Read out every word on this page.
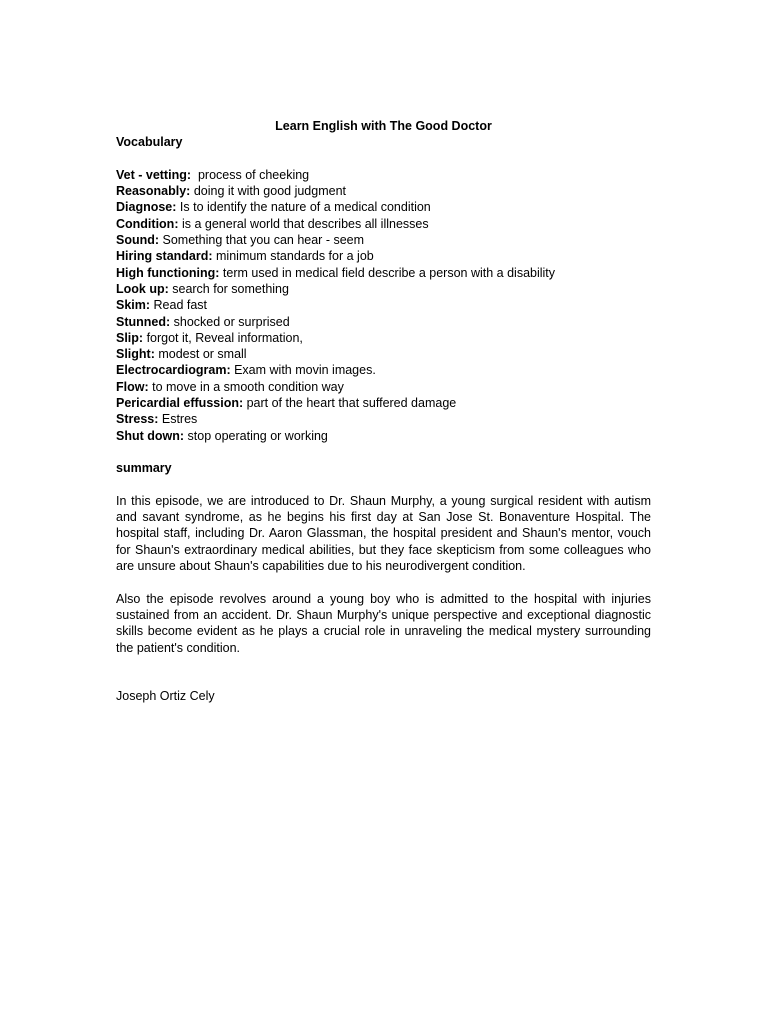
Learn English with The Good Doctor

Vocabulary

Vet - vetting:  process of cheeking
Reasonably: doing it with good judgment
Diagnose: Is to identify the nature of a medical condition
Condition: is a general world that describes all illnesses
Sound: Something that you can hear - seem
Hiring standard: minimum standards for a job
High functioning: term used in medical field describe a person with a disability
Look up: search for something
Skim: Read fast
Stunned: shocked or surprised
Slip: forgot it, Reveal information,
Slight: modest or small
Electrocardiogram: Exam with movin images.
Flow: to move in a smooth condition way
Pericardial effussion: part of the heart that suffered damage
Stress: Estres
Shut down: stop operating or working

summary

In this episode, we are introduced to Dr. Shaun Murphy, a young surgical resident with autism and savant syndrome, as he begins his first day at San Jose St. Bonaventure Hospital. The hospital staff, including Dr. Aaron Glassman, the hospital president and Shaun's mentor, vouch for Shaun's extraordinary medical abilities, but they face skepticism from some colleagues who are unsure about Shaun's capabilities due to his neurodivergent condition.

Also the episode revolves around a young boy who is admitted to the hospital with injuries sustained from an accident. Dr. Shaun Murphy's unique perspective and exceptional diagnostic skills become evident as he plays a crucial role in unraveling the medical mystery surrounding the patient's condition.

Joseph Ortiz Cely
